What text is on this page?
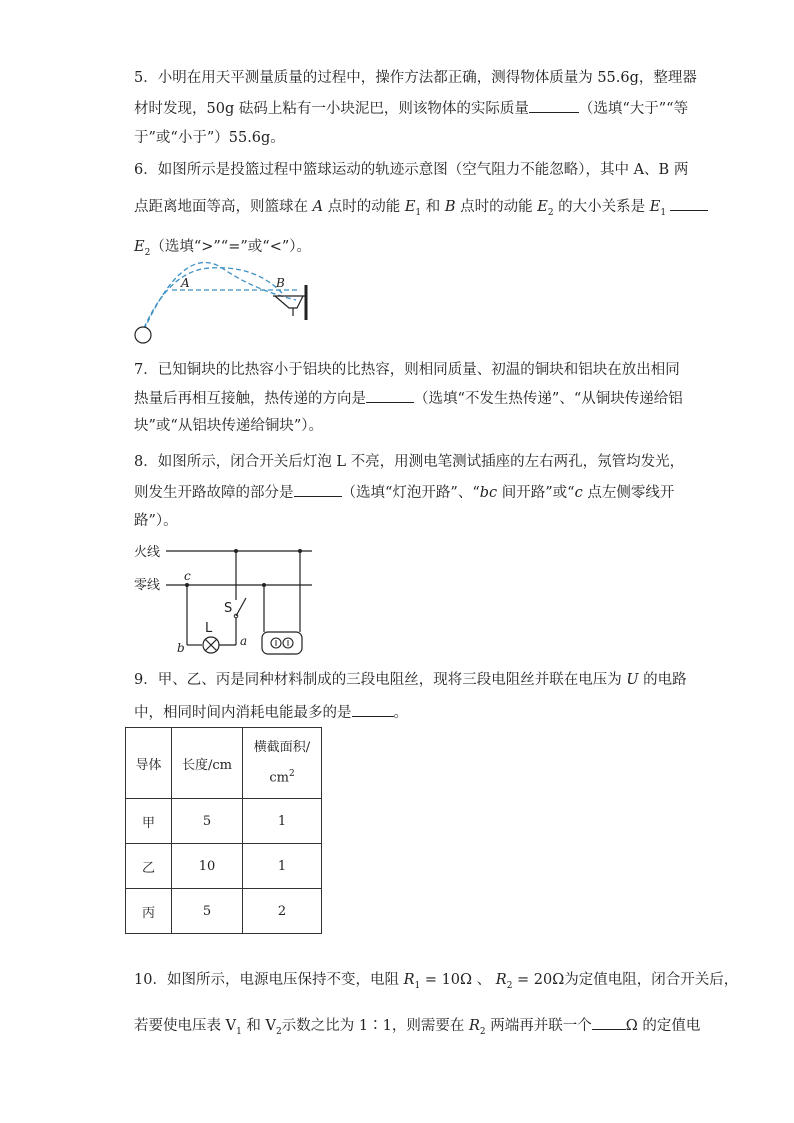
5．小明在用天平测量质量的过程中，操作方法都正确，测得物体质量为 55.6g，整理器
材时发现，50g 砝码上粘有一小块泥巴，则该物体的实际质量	（选填“大于”“等
于”或“小于”）55.6g。
6．如图所示是投篮过程中篮球运动的轨迹示意图（空气阻力不能忽略），其中 A、B 两
点距离地面等高，则篮球在 A 点时的动能 $E_1$ 和 B 点时的动能 $E_2$ 的大小关系是 $E_1$
$E_2$（选填“>”“=”或“<”）。
A	B
7．已知铜块的比热容小于铝块的比热容，则相同质量、初温的铜块和铝块在放出相同
热量后再相互接触，热传递的方向是	（选填“不发生热传递”、“从铜块传递给铝
块”或“从铝块传递给铜块”）。
8．如图所示，闭合开关后灯泡 L 不亮，用测电笔测试插座的左右两孔，氖管均发光，
则发生开路故障的部分是	（选填“灯泡开路”、“bc 间开路”或“c 点左侧零线开
路”）。
火线
零线
c
S
L
b	a
9．甲、乙、丙是同种材料制成的三段电阻丝，现将三段电阻丝并联在电压为 U 的电路
中，相同时间内消耗电能最多的是	。
导体	长度/cm	横截面积/
$cm^2$
甲	5	1
乙	10	1
丙	5	2
10．如图所示，电源电压保持不变，电阻 $R_1 = 10\Omega$ 、 $R_2 = 20\Omega$为定值电阻，闭合开关后，
若要使电压表 $V_1$ 和 $V_2$示数之比为 1∶1，则需要在 $R_2$ 两端再并联一个 Ω 的定值电
